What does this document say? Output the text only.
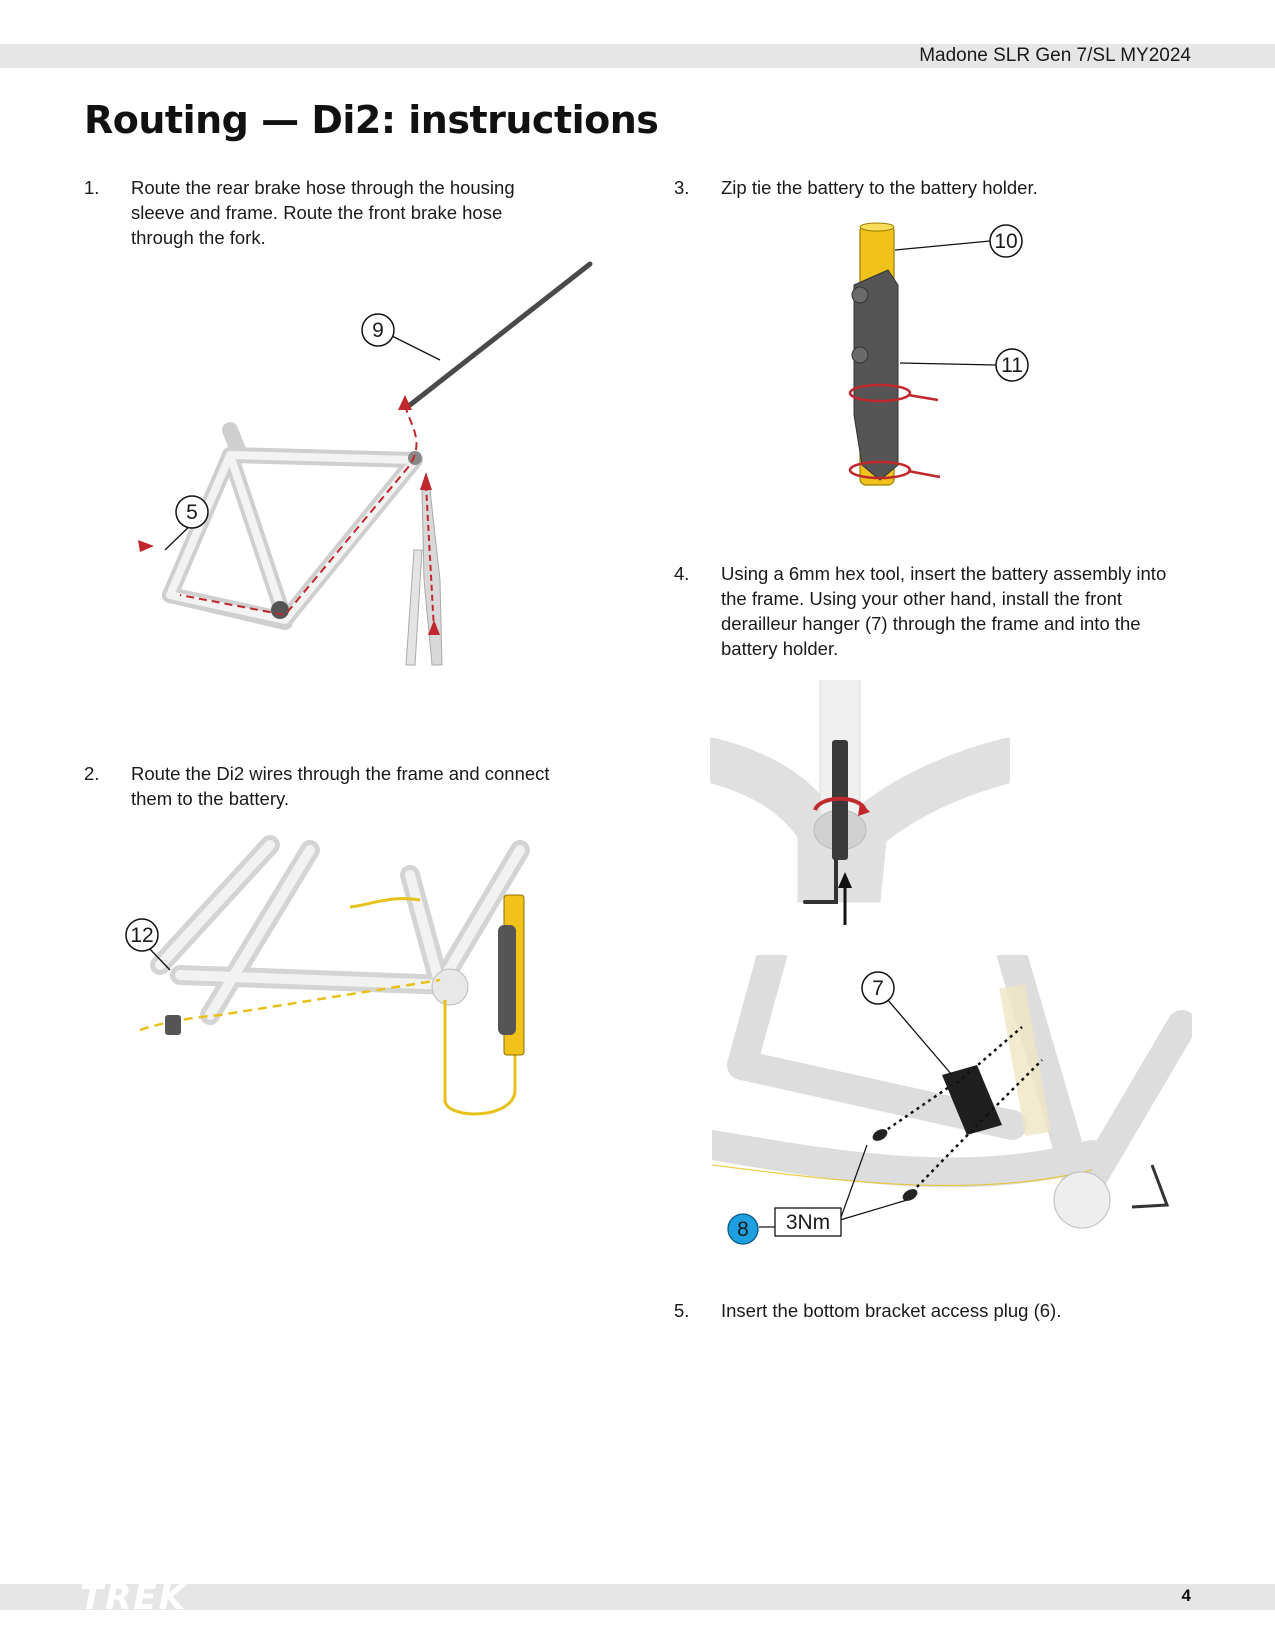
Madone SLR Gen 7/SL MY2024
Routing — Di2: instructions
1. Route the rear brake hose through the housing sleeve and frame. Route the front brake hose through the fork.
2. Route the Di2 wires through the frame and connect them to the battery.
3. Zip tie the battery to the battery holder.
4. Using a 6mm hex tool, insert the battery assembly into the frame. Using your other hand, install the front derailleur hanger (7) through the frame and into the battery holder.
5. Insert the bottom bracket access plug (6).
9
5
12
10
11
7
3Nm
8
TREK	4
